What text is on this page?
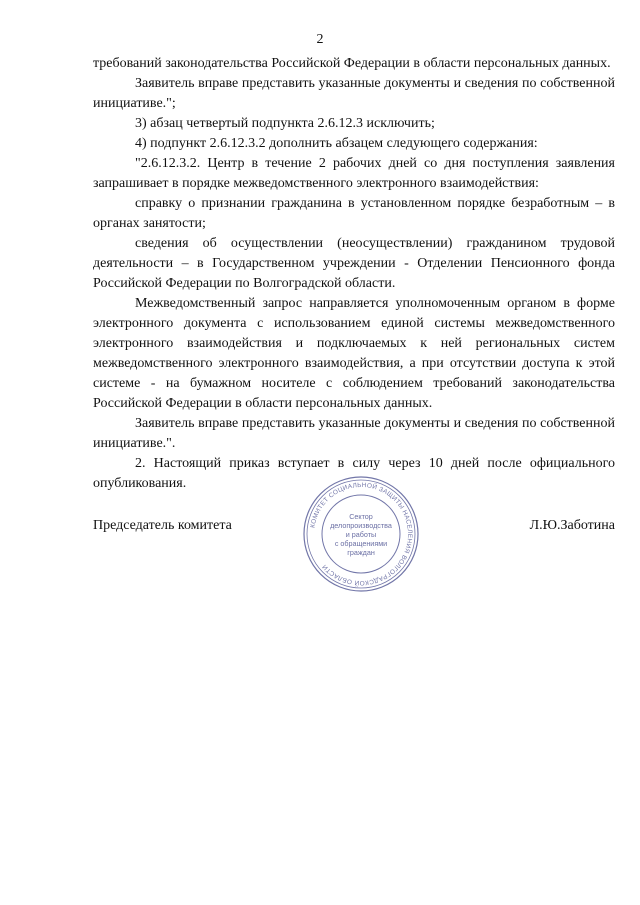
2

требований законодательства Российской Федерации в области персональных данных.

Заявитель вправе представить указанные документы и сведения по собственной инициативе.";

3) абзац четвертый подпункта 2.6.12.3 исключить;

4) подпункт 2.6.12.3.2 дополнить абзацем следующего содержания:

"2.6.12.3.2. Центр в течение 2 рабочих дней со дня поступления заявления запрашивает в порядке межведомственного электронного взаимодействия:

справку о признании гражданина в установленном порядке безработным – в органах занятости;

сведения об осуществлении (неосуществлении) гражданином трудовой деятельности – в Государственном учреждении - Отделении Пенсионного фонда Российской Федерации по Волгоградской области.

Межведомственный запрос направляется уполномоченным органом в форме электронного документа с использованием единой системы межведомственного электронного взаимодействия и подключаемых к ней региональных систем межведомственного электронного взаимодействия, а при отсутствии доступа к этой системе - на бумажном носителе с соблюдением требований законодательства Российской Федерации в области персональных данных.

Заявитель вправе представить указанные документы и сведения по собственной инициативе.".

2. Настоящий приказ вступает в силу через 10 дней после официального опубликования.

Председатель комитета	Л.Ю.Заботина
КОМИТЕТ СОЦИАЛЬНОЙ ЗАЩИТЫ НАСЕЛЕНИЯ ВОЛГОГРАДСКОЙ ОБЛАСТИ
Сектор
делопроизводства
и работы
с обращениями
граждан
